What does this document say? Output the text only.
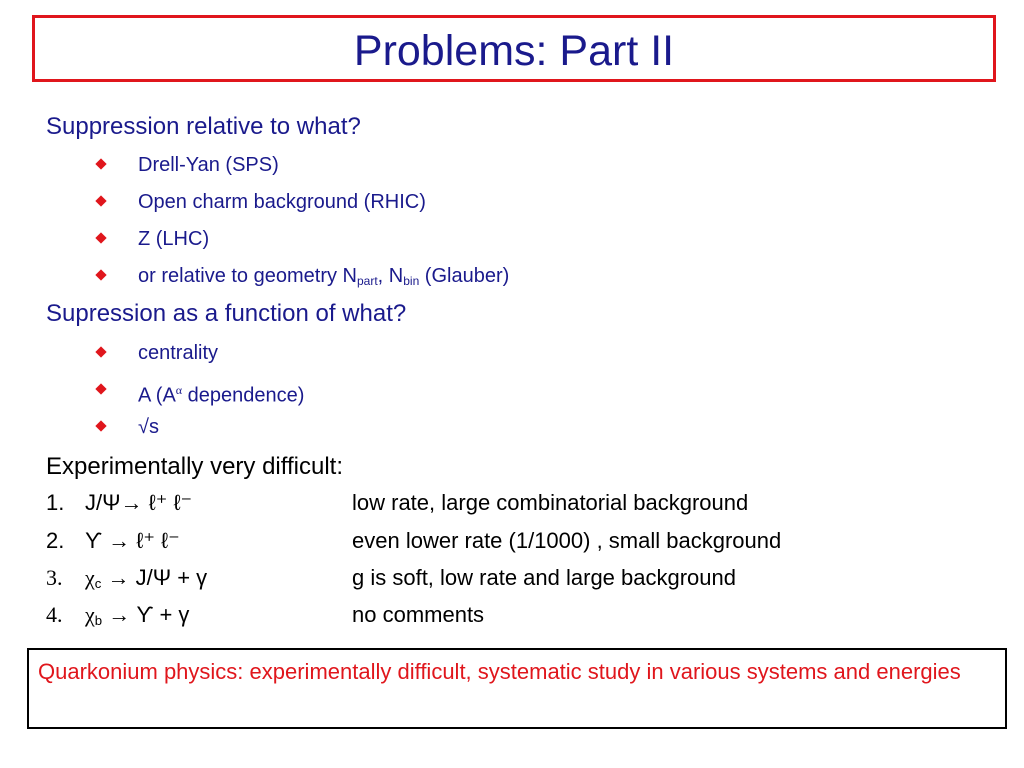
Problems: Part II
Suppression relative to what?
Drell-Yan (SPS)
Open charm background (RHIC)
Z (LHC)
or relative to geometry $N_{part}$, $N_{bin}$ (Glauber)
Supression as a function of what?
centrality
A ($A^\alpha$ dependence)
√s
Experimentally very difficult:
1. J/Ψ→ ℓ⁺ ℓ⁻	low rate, large combinatorial background
2. ϒ → ℓ⁺ ℓ⁻	even lower rate (1/1000) , small background
3. $\chi_c \to J/\Psi + \gamma$	g is soft, low rate and large background
4. $\chi_b \to ϒ + \gamma$	no comments
Quarkonium physics: experimentally difficult, systematic study in various systems and energies
